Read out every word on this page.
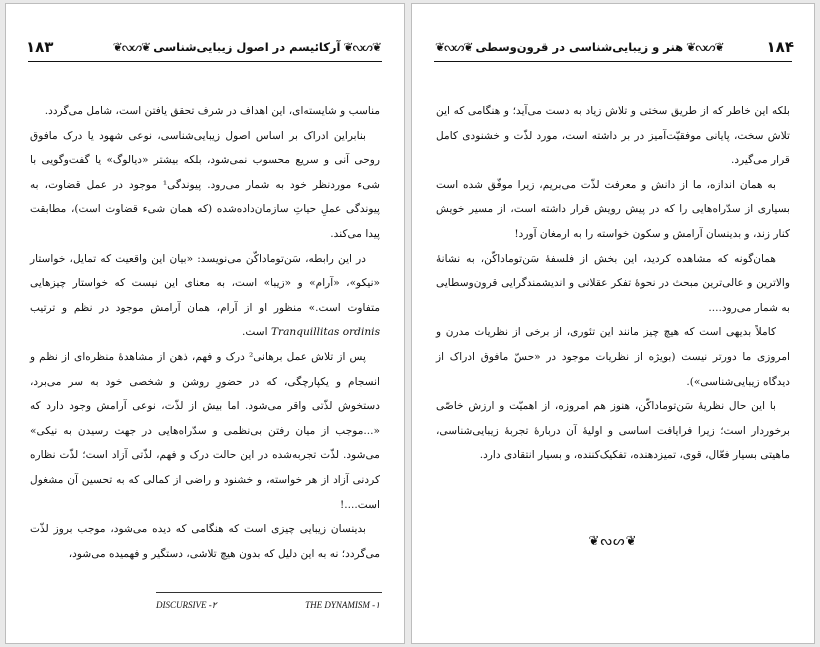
۱۸۳	❦ᔓᔕ❦ آرکائیسم در اصول زیبایی‌شناسی ❦ᔓᔕ❦

مناسب و شایسته‌ای، این اهداف در شرف تحقق یافتن است، شامل می‌گردد.

بنابراین ادراک بر اساس اصول زیبایی‌شناسی، نوعی شهود یا درک مافوق روحی آنی و سریع محسوب نمی‌شود، بلکه بیشتر «دیالوگ» یا گفت‌وگویی با شیء موردنظر خود به شمار می‌رود. پیوندگی¹ موجود در عمل قضاوت، به پیوندگی عملِ حیاتِ سازمان‌داده‌شده (که همان شیء قضاوت است)، مطابقت پیدا می‌کند.

در این رابطه، سَن‌توماداکّن می‌نویسد: «بیان این واقعیت که تمایل، خواستار «نیکو»، «آرام» و «زیبا» است، به معنای این نیست که خواستار چیزهایی متفاوت است.» منظور او از آرام، همان آرامش موجود در نظم و ترتیب Tranquillitas ordinis است.

پس از تلاش عمل برهانی² درک و فهم، ذهن از مشاهدهٔ منظره‌ای از نظم و انسجام و یکپارچگی، که در حضورِ روشن و شخصی خود به سر می‌برد، دستخوش لذّتی واقر می‌شود. اما بیش از لذّت، نوعی آرامش وجود دارد که «...موجب از میان رفتن بی‌نظمی و سدّراه‌هایی در جهت رسیدن به نیکی» می‌شود. لذّت تجربه‌شده در این حالت درک و فهم، لذّتی آزاد است؛ لذّت نظاره کردنی آزاد از هر خواسته، و خشنود و راضی از کمالی که به تحسین آن مشغول است....!

بدینسان زیبایی چیزی است که هنگامی که دیده می‌شود، موجب بروز لذّت می‌گردد؛ نه به این دلیل که بدون هیچ تلاشی، دستگیر و فهمیده می‌شود،

DISCURSIVE -۲	THE DYNAMISM -۱
❦ᔓᔕ❦ هنر و زیبایی‌شناسی در قرون‌وسطی ❦ᔓᔕ❦	۱۸۴

بلکه این خاطر که از طریق سختی و تلاش زیاد به دست می‌آید؛ و هنگامی که این تلاش سخت، پایانی موفقیّت‌آمیز در بر داشته است، مورد لذّت و خشنودی کامل قرار می‌گیرد.

به همان اندازه، ما از دانش و معرفت لذّت می‌بریم، زیرا موفّق شده است بسیاری از سدّراه‌هایی را که در پیش رویش قرار داشته است، از مسیر خویش کنار زند، و بدینسان آرامش و سکون خواسته را به ارمغان آورد!

همان‌گونه که مشاهده کردید، این بخش از فلسفهٔ سَن‌توماداکّن، به نشانهٔ والاترین و عالی‌ترین مبحث در نحوهٔ تفکر عقلانی و اندیشمندگرایی قرون‌وسطایی به شمار می‌رود....

کاملاً بدیهی است که هیچ چیز مانند این تئوری، از برخی از نظریات مدرن و امروزی ما دورتر نیست (بویژه از نظریات موجود در «حسّ مافوق ادراک از دیدگاه زیبایی‌شناسی»).

با این حال نظریهٔ سَن‌توماداکّن، هنوز هم امروزه، از اهمیّت و ارزش خاصّی برخوردار است؛ زیرا فرایافت اساسی و اولیهٔ آن دربارهٔ تجربهٔ زیبایی‌شناسی، ماهیتی بسیار فعّال، قوی، تمیزدهنده، تفکیک‌کننده، و بسیار انتقادی دارد.

❦ᔓᔕ❦
